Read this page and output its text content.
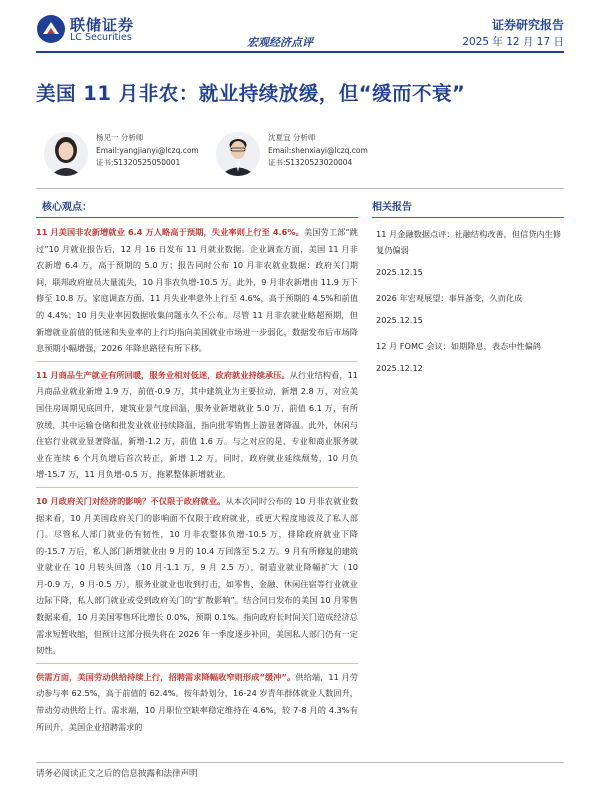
联储证券
LC Securities	宏观经济点评
证券研究报告
2025 年 12 月 17 日
美国 11 月非农：就业持续放缓，但“缓而不衰”
杨见一 分析师
Email:yangjianyi@lczq.com
证书:S1320525050001
沈夏宜 分析师
Email:shenxiayi@lczq.com
证书:S1320523020004
核心观点：

11 月美国非农新增就业 6.4 万人略高于预期，失业率则上行至 4.6%。美国劳工部“跳过”10 月就业报告后，12 月 16 日发布 11 月就业数据。企业调查方面，美国 11 月非农新增 6.4 万，高于预期的 5.0 万；报告同时公布 10 月非农就业数据：政府关门期间，联邦政府雇员大量流失，10 月非农负增-10.5 万。此外，9 月非农新增由 11.9 万下修至 10.8 万。家庭调查方面，11 月失业率意外上行至 4.6%，高于预期的 4.5%和前值的 4.4%；10 月失业率因数据收集问题永久不公布。尽管 11 月非农就业略超预期，但新增就业前值的低迷和失业率的上行均指向美国就业市场进一步弱化，数据发布后市场降息预期小幅增强，2026 年降息路径有所下移。

11 月商品生产就业有所回暖，服务业相对低迷，政府就业持续承压。从行业结构看，11 月商品业就业新增 1.9 万，前值-0.9 万，其中建筑业为主要拉动，新增 2.8 万，对应美国住房周期见底回升，建筑业景气度回温，服务业新增就业 5.0 万，前值 6.1 万，有所放缓，其中运输仓储和批发业就业持续降温，指向批零销售上游显著降温。此外，休闲与住宿行业就业显著降温，新增-1.2 万，前值 1.6 万。与之对应的是，专业和商业服务就业在连续 6 个月负增后首次转正，新增 1.2 万。同时，政府就业延续颓势，10 月负增-15.7 万，11 月负增-0.5 万，拖累整体新增就业。

10 月政府关门对经济的影响？不仅限于政府就业。从本次同时公布的 10 月非农就业数据来看，10 月美国政府关门的影响面不仅限于政府就业，或更大程度地波及了私人部门。尽管私人部门就业仍有韧性，10 月非农整体负增-10.5 万，排除政府就业下降的-15.7 万后，私人部门新增就业由 9 月的 10.4 万回落至 5.2 万。9 月有所修复的建筑业就业在 10 月转头回落（10 月-1.1 万，9 月 2.5 万），制造业就业降幅扩大（10 月-0.9 万，9 月-0.5 万），服务业就业也收到打击，如零售、金融、休闲住宿等行业就业边际下降，私人部门就业或受到政府关门的“扩散影响”。结合同日发布的美国 10 月零售数据来看，10 月美国零售环比增长 0.0%，预期 0.1%。指向政府长时间关门造成经济总需求短暂收缩，但预计这部分损失将在 2026 年一季度逐步补回，美国私人部门仍有一定韧性。

供需方面，美国劳动供给持续上行，招聘需求降幅收窄则形成“缓冲”。供给端，11 月劳动参与率 62.5%，高于前值的 62.4%。按年龄划分，16-24 岁青年群体就业人数回升，带动劳动供给上行。需求端，10 月职位空缺率稳定维持在 4.6%，较 7-8 月的 4.3%有所回升，美国企业招聘需求的

相关报告
11 月金融数据点评：社融结构改善，但信贷内生修复仍偏弱
2025.12.15
2026 年宏观展望：事异备变，久而化成
2025.12.15
12 月 FOMC 会议：如期降息，表态中性偏鸽
2025.12.12
请务必阅读正文之后的信息披露和法律声明
